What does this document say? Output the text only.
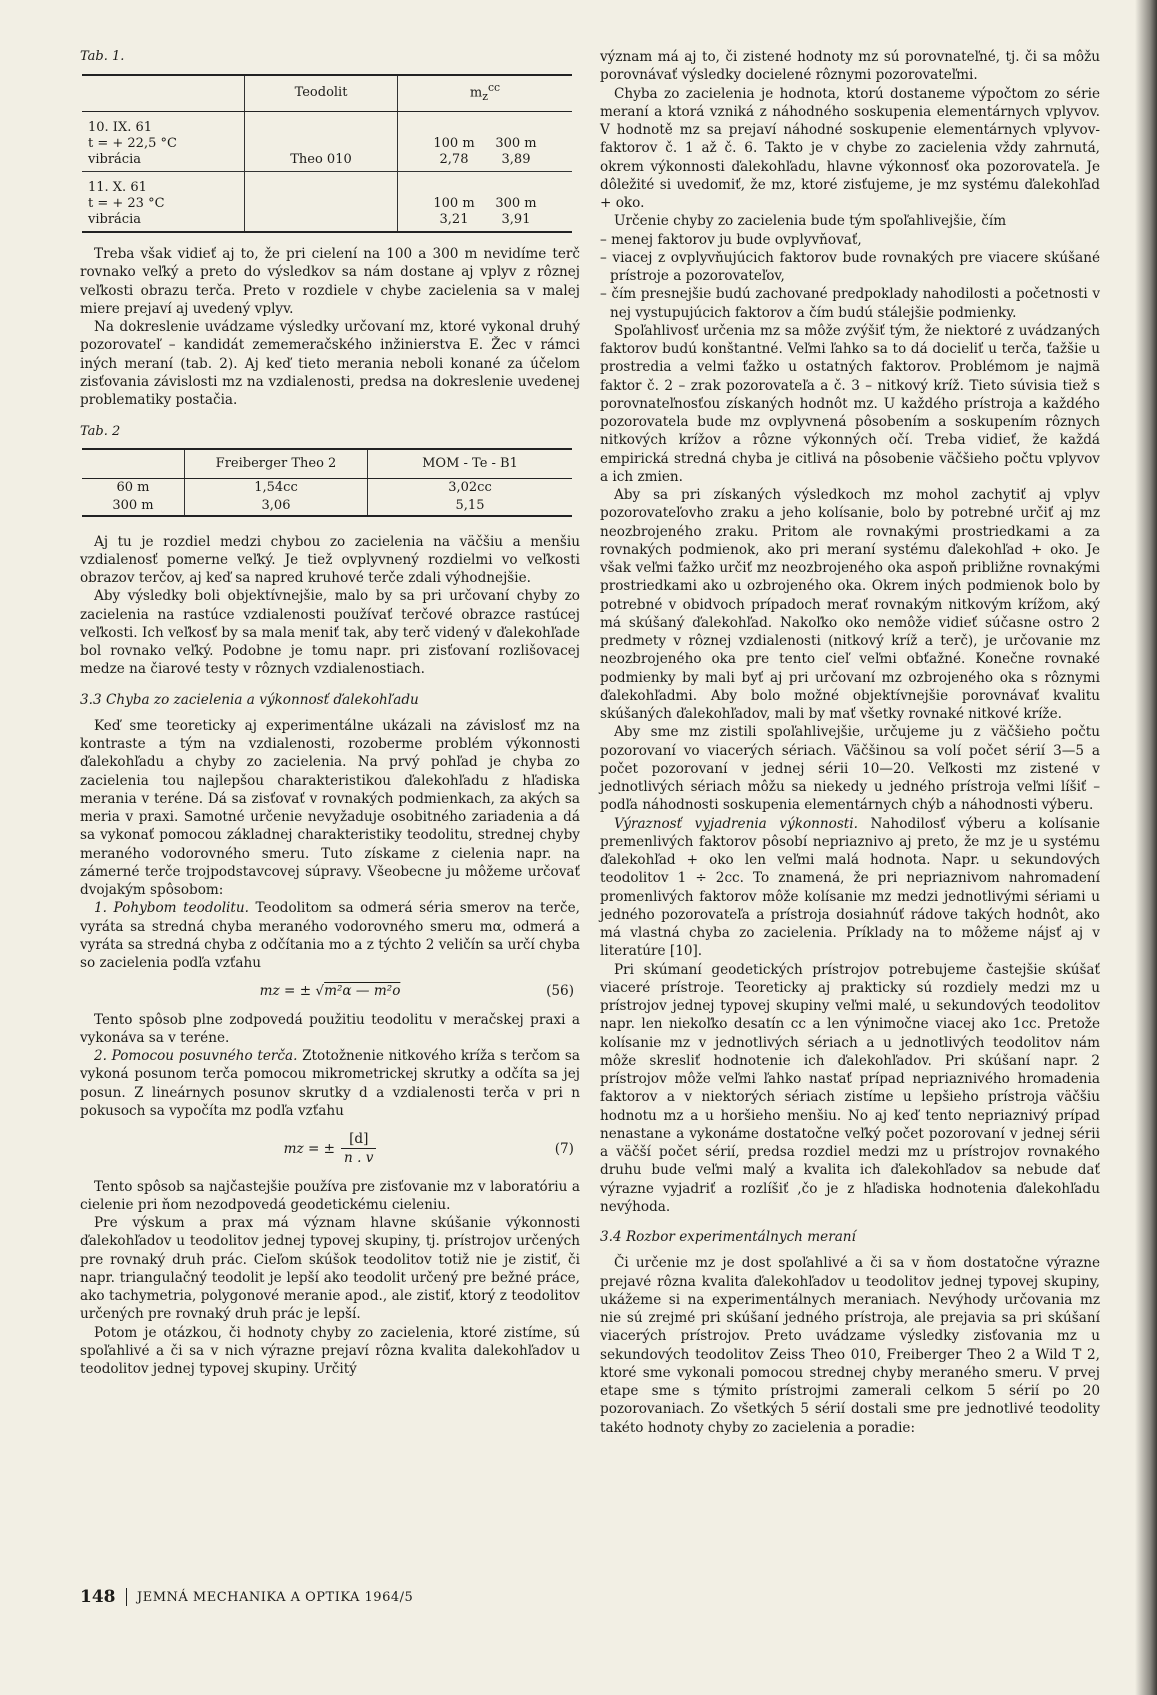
Tab. 1.
	Teodolit	$m_z^{cc}$
10. IX. 61
t = + 22,5 °C
vibrácia	Theo 010	100 m     300 m
2,78        3,89
11. X. 61
t = + 23 °C
vibrácia		100 m     300 m
3,21        3,91

Treba však vidieť aj to, že pri cielení na 100 a 300 m nevidíme terč rovnako veľký a preto do výsledkov sa nám dostane aj vplyv z rôznej veľkosti obrazu terča. Preto v rozdiele v chybe zacielenia sa v malej miere prejaví aj uvedený vplyv.

Na dokreslenie uvádzame výsledky určovaní mz, ktoré vykonal druhý pozorovateľ – kandidát zememeračského inžinierstva E. Žec v rámci iných meraní (tab. 2). Aj keď tieto merania neboli konané za účelom zisťovania závislosti mz na vzdialenosti, predsa na dokreslenie uvedenej problematiky postačia.

Tab. 2
	Freiberger Theo 2	MOM - Te - B1
60 m	1,54cc	3,02cc
300 m	3,06	5,15

Aj tu je rozdiel medzi chybou zo zacielenia na väčšiu a menšiu vzdialenosť pomerne veľký. Je tiež ovplyvnený rozdielmi vo veľkosti obrazov terčov, aj keď sa napred kruhové terče zdali výhodnejšie.

Aby výsledky boli objektívnejšie, malo by sa pri určovaní chyby zo zacielenia na rastúce vzdialenosti používať terčové obrazce rastúcej veľkosti. Ich veľkosť by sa mala meniť tak, aby terč videný v ďalekohľade bol rovnako veľký. Podobne je tomu napr. pri zisťovaní rozlišovacej medze na čiarové testy v rôznych vzdialenostiach.

3.3 Chyba zo zacielenia a výkonnosť ďalekohľadu

Keď sme teoreticky aj experimentálne ukázali na závislosť mz na kontraste a tým na vzdialenosti, rozoberme problém výkonnosti ďalekohľadu a chyby zo zacielenia. Na prvý pohľad je chyba zo zacielenia tou najlepšou charakteristikou ďalekohľadu z hľadiska merania v teréne. Dá sa zisťovať v rovnakých podmienkach, za akých sa meria v praxi. Samotné určenie nevyžaduje osobitného zariadenia a dá sa vykonať pomocou základnej charakteristiky teodolitu, strednej chyby meraného vodorovného smeru. Tuto získame z cielenia napr. na zámerné terče trojpodstavcovej súpravy. Všeobecne ju môžeme určovať dvojakým spôsobom:

1. Pohybom teodolitu. Teodolitom sa odmerá séria smerov na terče, vyráta sa stredná chyba meraného vodorovného smeru mα, odmerá a vyráta sa stredná chyba z odčítania mo a z týchto 2 veličín sa určí chyba so zacielenia podľa vzťahu

mz = ± √ m²α — m²o	(56)

Tento spôsob plne zodpovedá použitiu teodolitu v meračskej praxi a vykonáva sa v teréne.

2. Pomocou posuvného terča. Ztotožnenie nitkového kríža s terčom sa vykoná posunom terča pomocou mikrometrickej skrutky a odčíta sa jej posun. Z lineárnych posunov skrutky d a vzdialenosti terča v pri n pokusoch sa vypočíta mz podľa vzťahu

mz = ± $\frac{[d]}{n . v}$	(7)

Tento spôsob sa najčastejšie používa pre zisťovanie mz v laboratóriu a cielenie pri ňom nezodpovedá geodetickému cieleniu.

Pre výskum a prax má význam hlavne skúšanie výkonnosti ďalekohľadov u teodolitov jednej typovej skupiny, tj. prístrojov určených pre rovnaký druh prác. Cieľom skúšok teodolitov totiž nie je zistiť, či napr. triangulačný teodolit je lepší ako teodolit určený pre bežné práce, ako tachymetria, polygonové meranie apod., ale zistiť, ktorý z teodolitov určených pre rovnaký druh prác je lepší.

Potom je otázkou, či hodnoty chyby zo zacielenia, ktoré zistíme, sú spoľahlivé a či sa v nich výrazne prejaví rôzna kvalita dalekohľadov u teodolitov jednej typovej skupiny. Určitý

význam má aj to, či zistené hodnoty mz sú porovnateľné, tj. či sa môžu porovnávať výsledky docielené rôznymi pozorovateľmi.

Chyba zo zacielenia je hodnota, ktorú dostaneme výpočtom zo série meraní a ktorá vzniká z náhodného soskupenia elementárnych vplyvov. V hodnotě mz sa prejaví náhodné soskupenie elementárnych vplyvov-faktorov č. 1 až č. 6. Takto je v chybe zo zacielenia vždy zahrnutá, okrem výkonnosti ďalekohľadu, hlavne výkonnosť oka pozorovateľa. Je dôležité si uvedomiť, že mz, ktoré zisťujeme, je mz systému ďalekohľad + oko.

Určenie chyby zo zacielenia bude tým spoľahlivejšie, čím

– menej faktorov ju bude ovplyvňovať,

– viacej z ovplyvňujúcich faktorov bude rovnakých pre viacere skúšané prístroje a pozorovateľov,

– čím presnejšie budú zachované predpoklady nahodilosti a početnosti v nej vystupujúcich faktorov a čím budú stálejšie podmienky.

Spoľahlivosť určenia mz sa môže zvýšiť tým, že niektoré z uvádzaných faktorov budú konštantné. Veľmi ľahko sa to dá docieliť u terča, ťažšie u prostredia a velmi ťažko u ostatných faktorov. Problémom je najmä faktor č. 2 – zrak pozorovateľa a č. 3 – nitkový kríž. Tieto súvisia tiež s porovnateľnosťou získaných hodnôt mz. U každého prístroja a každého pozorovatela bude mz ovplyvnená pôsobením a soskupením rôznych nitkových krížov a rôzne výkonných očí. Treba vidieť, že každá empirická stredná chyba je citlivá na pôsobenie väčšieho počtu vplyvov a ich zmien.

Aby sa pri získaných výsledkoch mz mohol zachytiť aj vplyv pozorovateľovho zraku a jeho kolísanie, bolo by potrebné určiť aj mz neozbrojeného zraku. Pritom ale rovnakými prostriedkami a za rovnakých podmienok, ako pri meraní systému ďalekohľad + oko. Je však veľmi ťažko určiť mz neozbrojeného oka aspoň približne rovnakými prostriedkami ako u ozbrojeného oka. Okrem iných podmienok bolo by potrebné v obidvoch prípadoch merať rovnakým nitkovým krížom, aký má skúšaný ďalekohľad. Nakoľko oko nemôže vidieť súčasne ostro 2 predmety v rôznej vzdialenosti (nitkový kríž a terč), je určovanie mz neozbrojeného oka pre tento cieľ veľmi obťažné. Konečne rovnaké podmienky by mali byť aj pri určovaní mz ozbrojeného oka s rôznymi ďalekohľadmi. Aby bolo možné objektívnejšie porovnávať kvalitu skúšaných ďalekohľadov, mali by mať všetky rovnaké nitkové kríže.

Aby sme mz zistili spoľahlivejšie, určujeme ju z väčšieho počtu pozorovaní vo viacerých sériach. Väčšinou sa volí počet sérií 3—5 a počet pozorovaní v jednej sérii 10—20. Veľkosti mz zistené v jednotlivých sériach môžu sa niekedy u jedného prístroja veľmi líšiť – podľa náhodnosti soskupenia elementárnych chýb a náhodnosti výberu.

Výraznosť vyjadrenia výkonnosti. Nahodilosť výberu a kolísanie premenlivých faktorov pôsobí nepriaznivo aj preto, že mz je u systému ďalekohľad + oko len veľmi malá hodnota. Napr. u sekundových teodolitov 1 ÷ 2cc. To znamená, že pri nepriaznivom nahromadení promenlivých faktorov môže kolísanie mz medzi jednotlivými sériami u jedného pozorovateľa a prístroja dosiahnúť rádove takých hodnôt, ako má vlastná chyba zo zacielenia. Príklady na to môžeme nájsť aj v literatúre [10].

Pri skúmaní geodetických prístrojov potrebujeme častejšie skúšať viaceré prístroje. Teoreticky aj prakticky sú rozdiely medzi mz u prístrojov jednej typovej skupiny veľmi malé, u sekundových teodolitov napr. len niekoľko desatín cc a len výnimočne viacej ako 1cc. Pretože kolísanie mz v jednotlivých sériach a u jednotlivých teodolitov nám môže skresliť hodnotenie ich ďalekohľadov. Pri skúšaní napr. 2 prístrojov môže veľmi ľahko nastať prípad nepriaznivého hromadenia faktorov a v niektorých sériach zistíme u lepšieho prístroja väčšiu hodnotu mz a u horšieho menšiu. No aj keď tento nepriaznivý prípad nenastane a vykonáme dostatočne veľký počet pozorovaní v jednej sérii a väčší počet sérií, predsa rozdiel medzi mz u prístrojov rovnakého druhu bude veľmi malý a kvalita ich ďalekohľadov sa nebude dať výrazne vyjadriť a rozlíšiť ,čo je z hľadiska hodnotenia ďalekohľadu nevýhoda.

3.4 Rozbor experimentálnych meraní

Či určenie mz je dost spoľahlivé a či sa v ňom dostatočne výrazne prejavé rôzna kvalita ďalekohľadov u teodolitov jednej typovej skupiny, ukážeme si na experimentálnych meraniach. Nevýhody určovania mz nie sú zrejmé pri skúšaní jedného prístroja, ale prejavia sa pri skúšaní viacerých prístrojov. Preto uvádzame výsledky zisťovania mz u sekundových teodolitov Zeiss Theo 010, Freiberger Theo 2 a Wild T 2, ktoré sme vykonali pomocou strednej chyby meraného smeru. V prvej etape sme s týmito prístrojmi zamerali celkom 5 sérií po 20 pozorovaniach. Zo všetkých 5 sérií dostali sme pre jednotlivé teodolity takéto hodnoty chyby zo zacielenia a poradie:

148 JEMNÁ MECHANIKA A OPTIKA 1964/5
